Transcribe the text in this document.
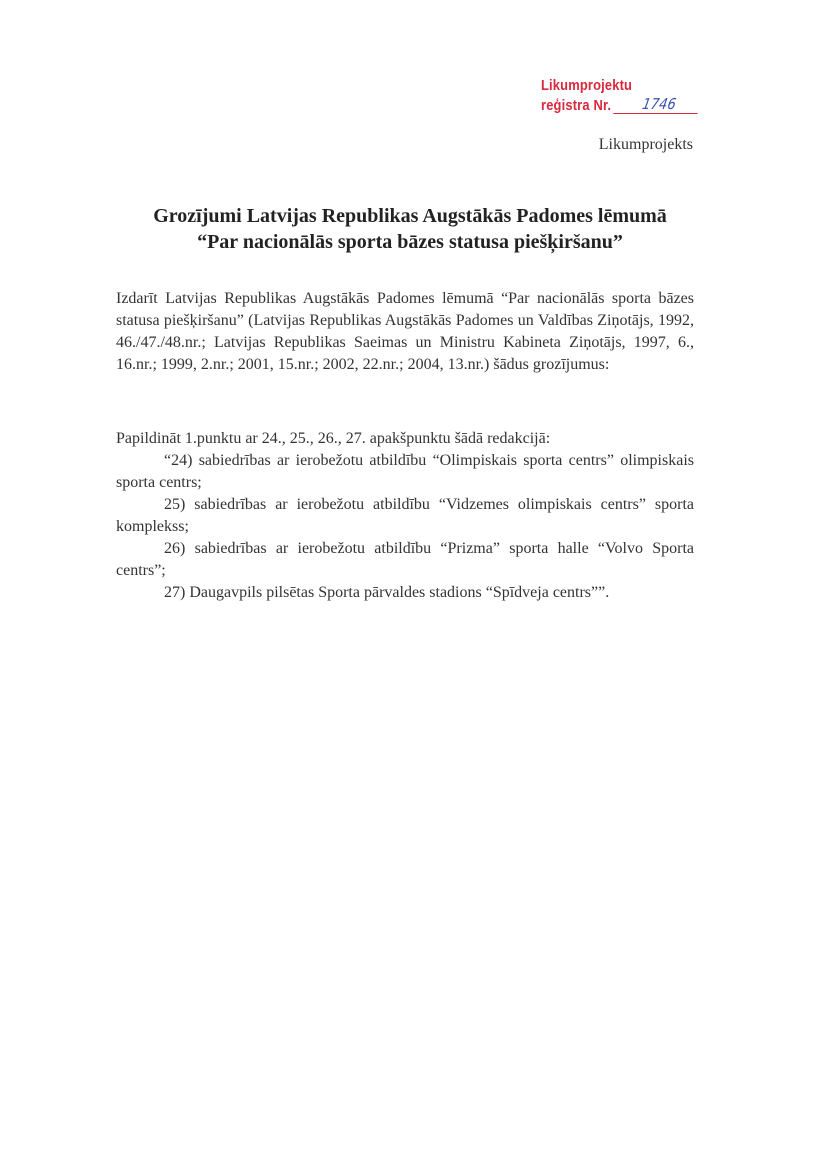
Likumprojektu
reģistra Nr. 1746
Likumprojekts
Grozījumi Latvijas Republikas Augstākās Padomes lēmumā
“Par nacionālās sporta bāzes statusa piešķiršanu”
Izdarīt Latvijas Republikas Augstākās Padomes lēmumā “Par nacionālās sporta bāzes statusa piešķiršanu” (Latvijas Republikas Augstākās Padomes un Valdības Ziņotājs, 1992, 46./47./48.nr.; Latvijas Republikas Saeimas un Ministru Kabineta Ziņotājs, 1997, 6., 16.nr.; 1999, 2.nr.; 2001, 15.nr.; 2002, 22.nr.; 2004, 13.nr.) šādus grozījumus:
Papildināt 1.punktu ar 24., 25., 26., 27. apakšpunktu šādā redakcijā:
“24) sabiedrības ar ierobežotu atbildību “Olimpiskais sporta centrs” olimpiskais sporta centrs;
25) sabiedrības ar ierobežotu atbildību “Vidzemes olimpiskais centrs” sporta komplekss;
26) sabiedrības ar ierobežotu atbildību “Prizma” sporta halle “Volvo Sporta centrs”;
27) Daugavpils pilsētas Sporta pārvaldes stadions “Spīdveja centrs””.
